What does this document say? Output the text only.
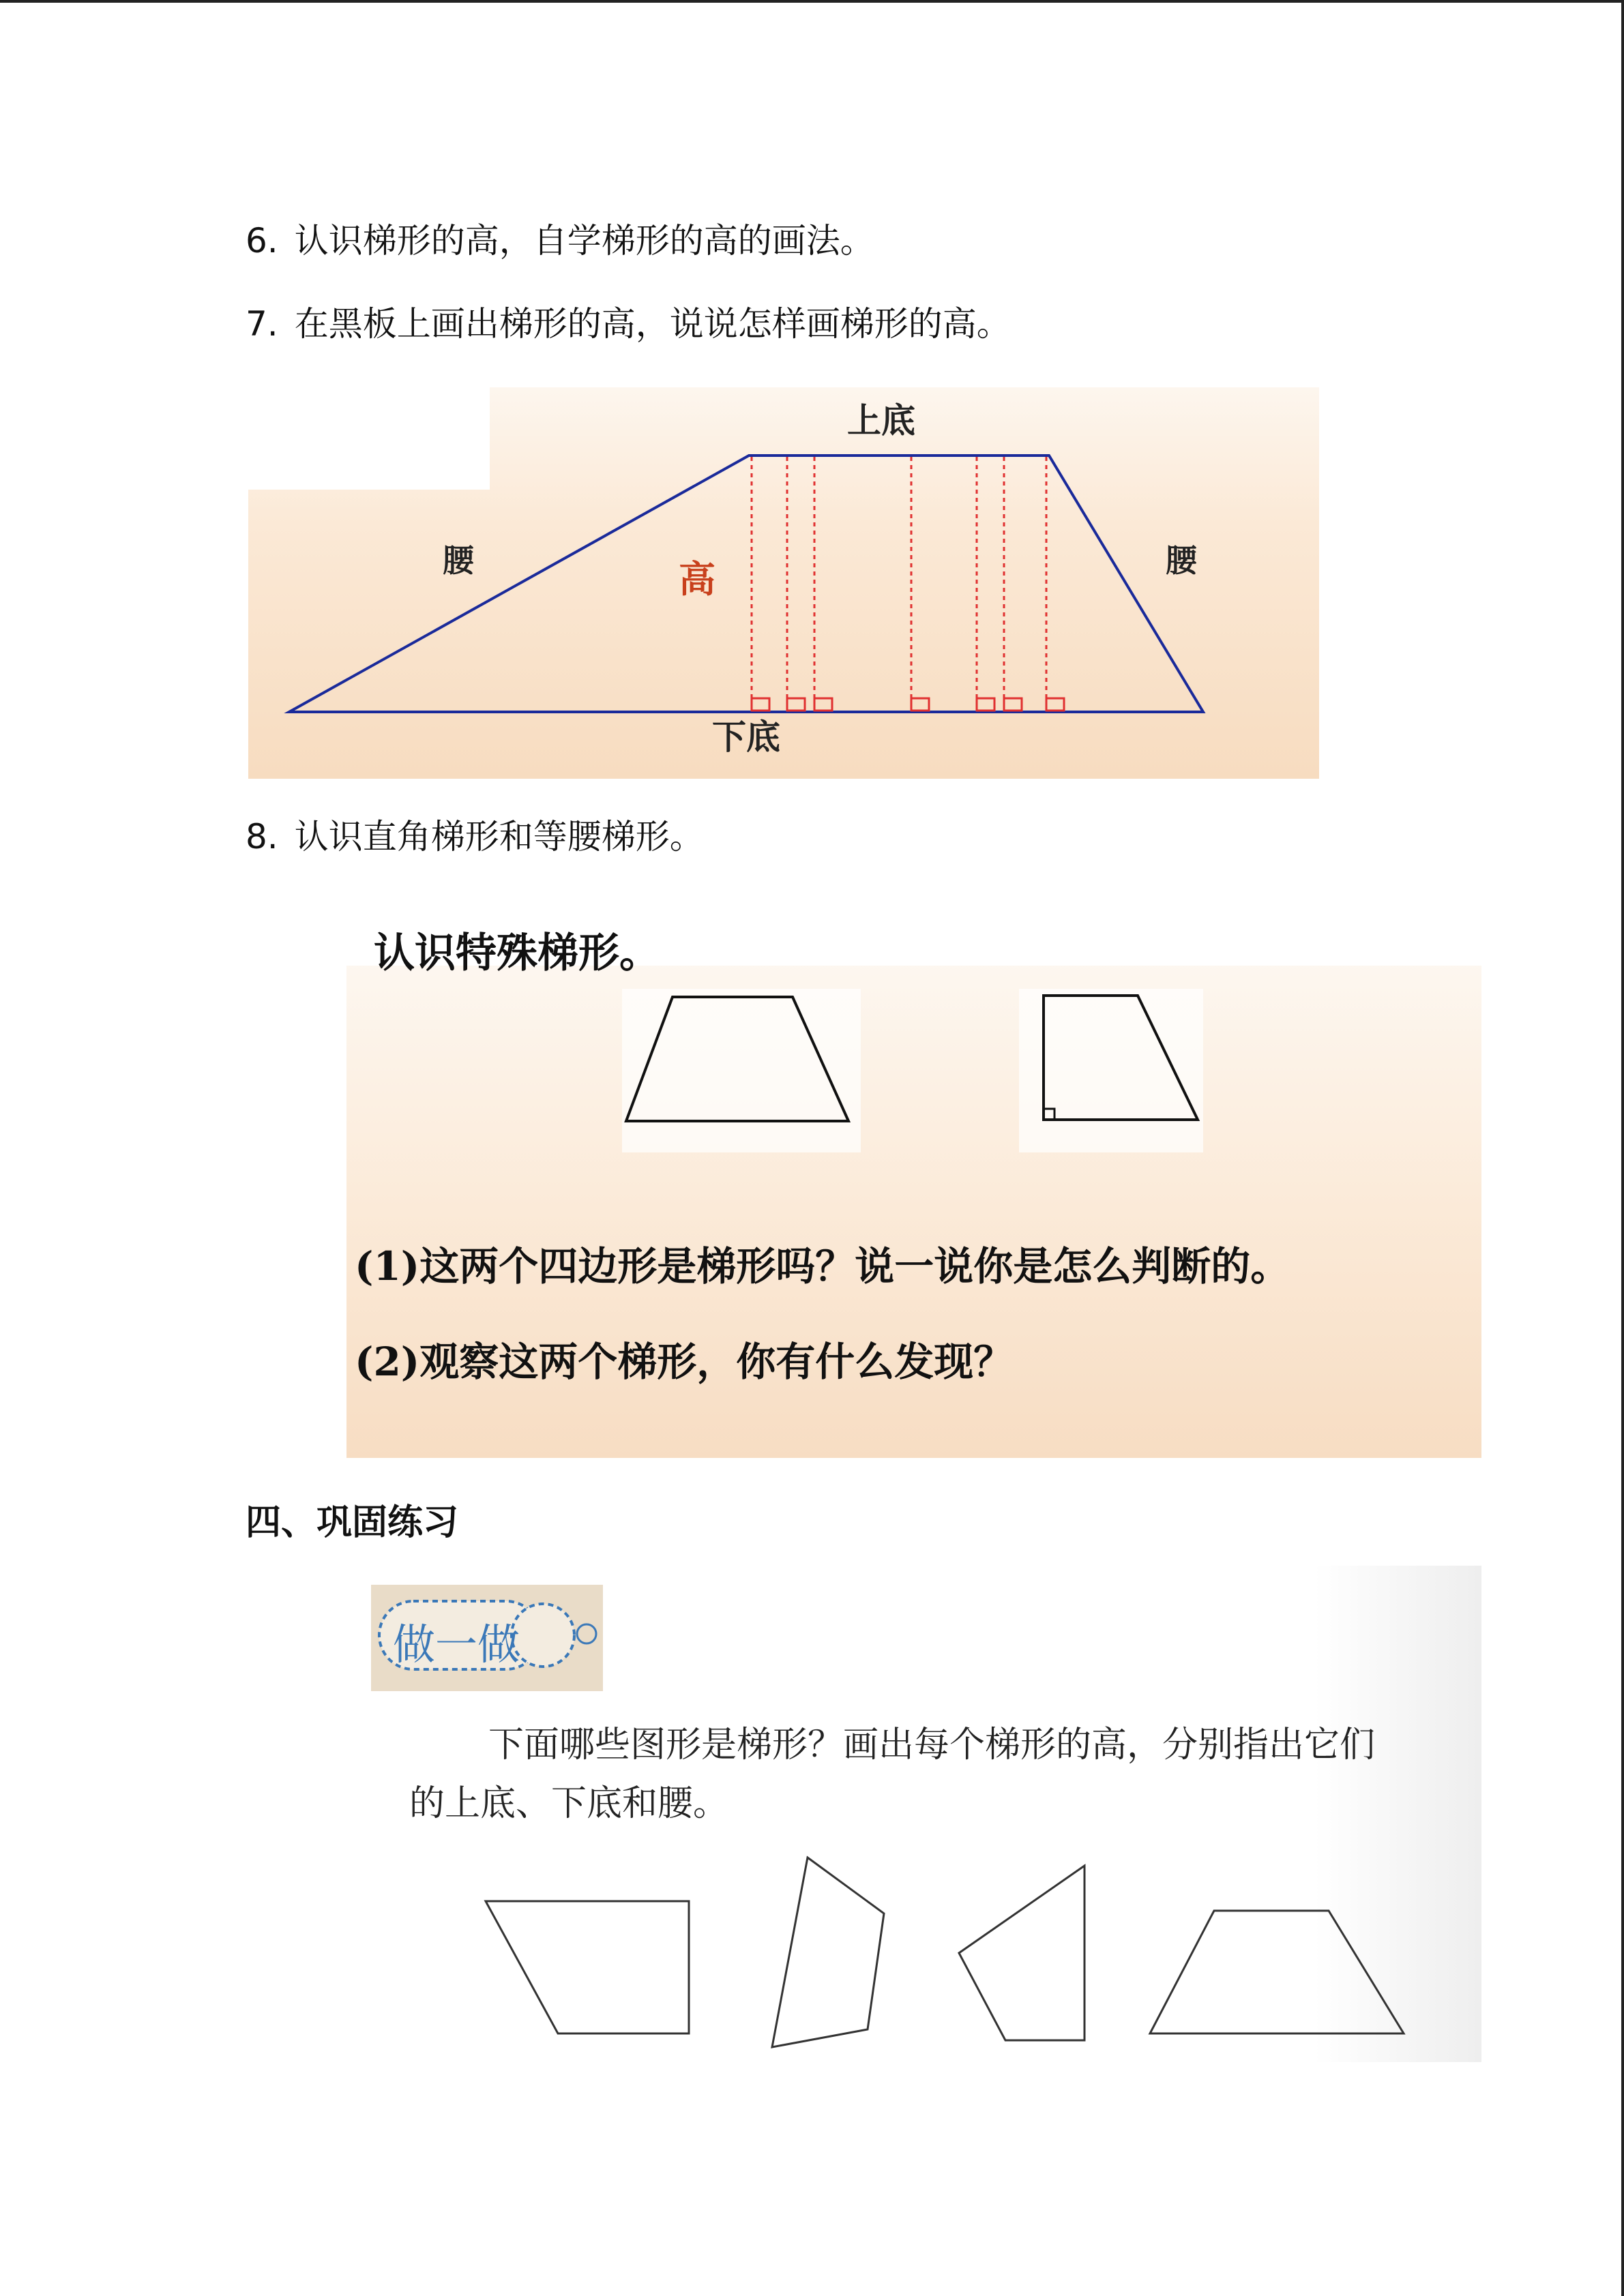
6. 认识梯形的高，自学梯形的高的画法。
7. 在黑板上画出梯形的高，说说怎样画梯形的高。
上底
下底
腰	腰
高
8. 认识直角梯形和等腰梯形。
认识特殊梯形。
(1)这两个四边形是梯形吗？说一说你是怎么判断的。
(2)观察这两个梯形，你有什么发现？
四、巩固练习
做一做
下面哪些图形是梯形？画出每个梯形的高，分别指出它们
的上底、下底和腰。
